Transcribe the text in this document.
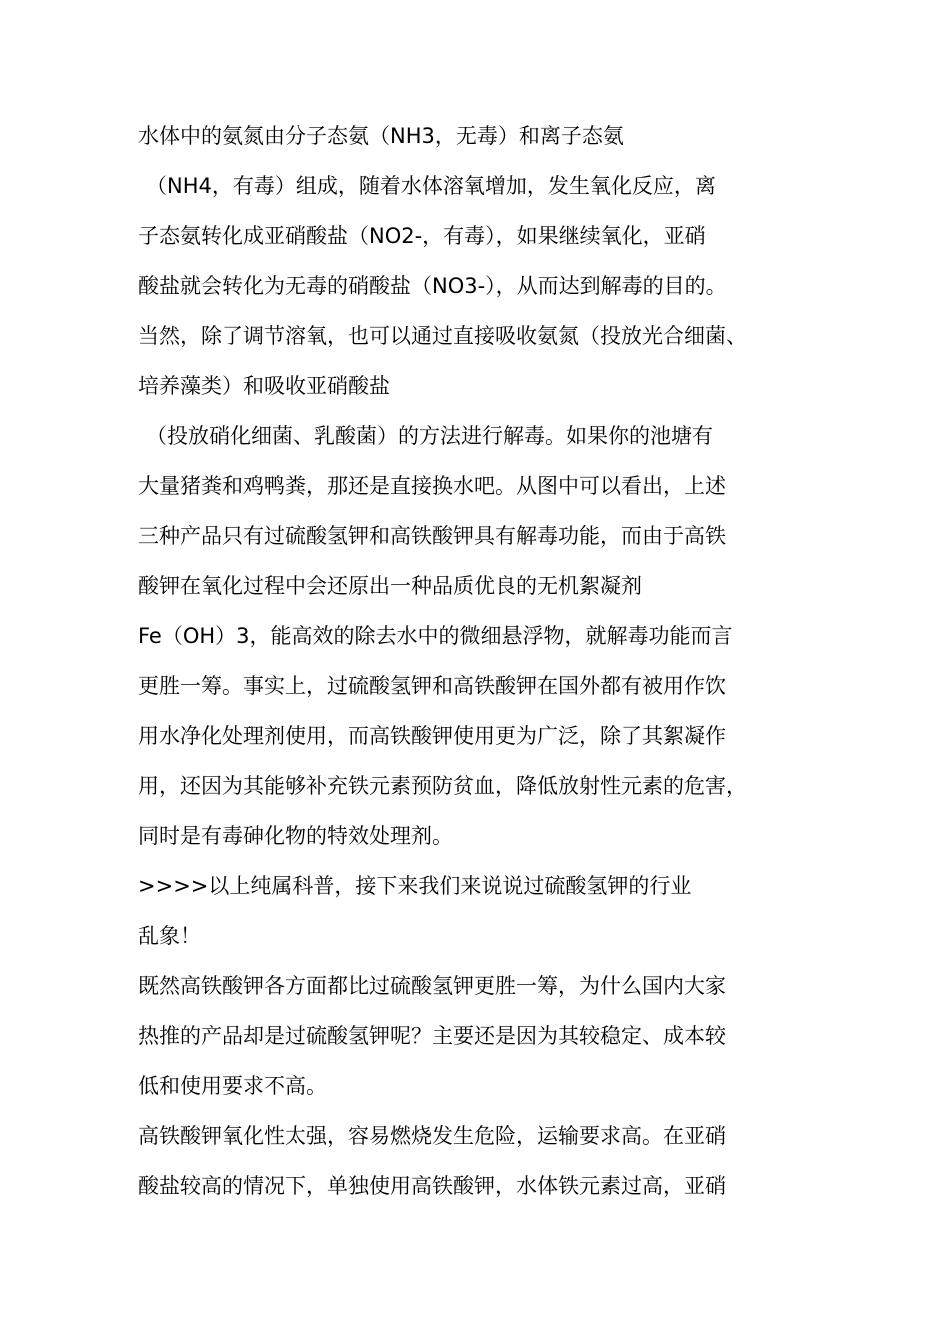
水体中的氨氮由分子态氨（NH3，无毒）和离子态氨
（NH4，有毒）组成，随着水体溶氧增加，发生氧化反应，离
子态氨转化成亚硝酸盐（NO2-，有毒），如果继续氧化，亚硝
酸盐就会转化为无毒的硝酸盐（NO3-），从而达到解毒的目的。
当然，除了调节溶氧，也可以通过直接吸收氨氮（投放光合细菌、
培养藻类）和吸收亚硝酸盐
（投放硝化细菌、乳酸菌）的方法进行解毒。如果你的池塘有
大量猪粪和鸡鸭粪，那还是直接换水吧。从图中可以看出，上述
三种产品只有过硫酸氢钾和高铁酸钾具有解毒功能，而由于高铁
酸钾在氧化过程中会还原出一种品质优良的无机絮凝剂
Fe（OH）3，能高效的除去水中的微细悬浮物，就解毒功能而言
更胜一筹。事实上，过硫酸氢钾和高铁酸钾在国外都有被用作饮
用水净化处理剂使用，而高铁酸钾使用更为广泛，除了其絮凝作
用，还因为其能够补充铁元素预防贫血，降低放射性元素的危害，
同时是有毒砷化物的特效处理剂。
>>>>以上纯属科普，接下来我们来说说过硫酸氢钾的行业
乱象！
既然高铁酸钾各方面都比过硫酸氢钾更胜一筹，为什么国内大家
热推的产品却是过硫酸氢钾呢？主要还是因为其较稳定、成本较
低和使用要求不高。
高铁酸钾氧化性太强，容易燃烧发生危险，运输要求高。在亚硝
酸盐较高的情况下，单独使用高铁酸钾，水体铁元素过高，亚硝
